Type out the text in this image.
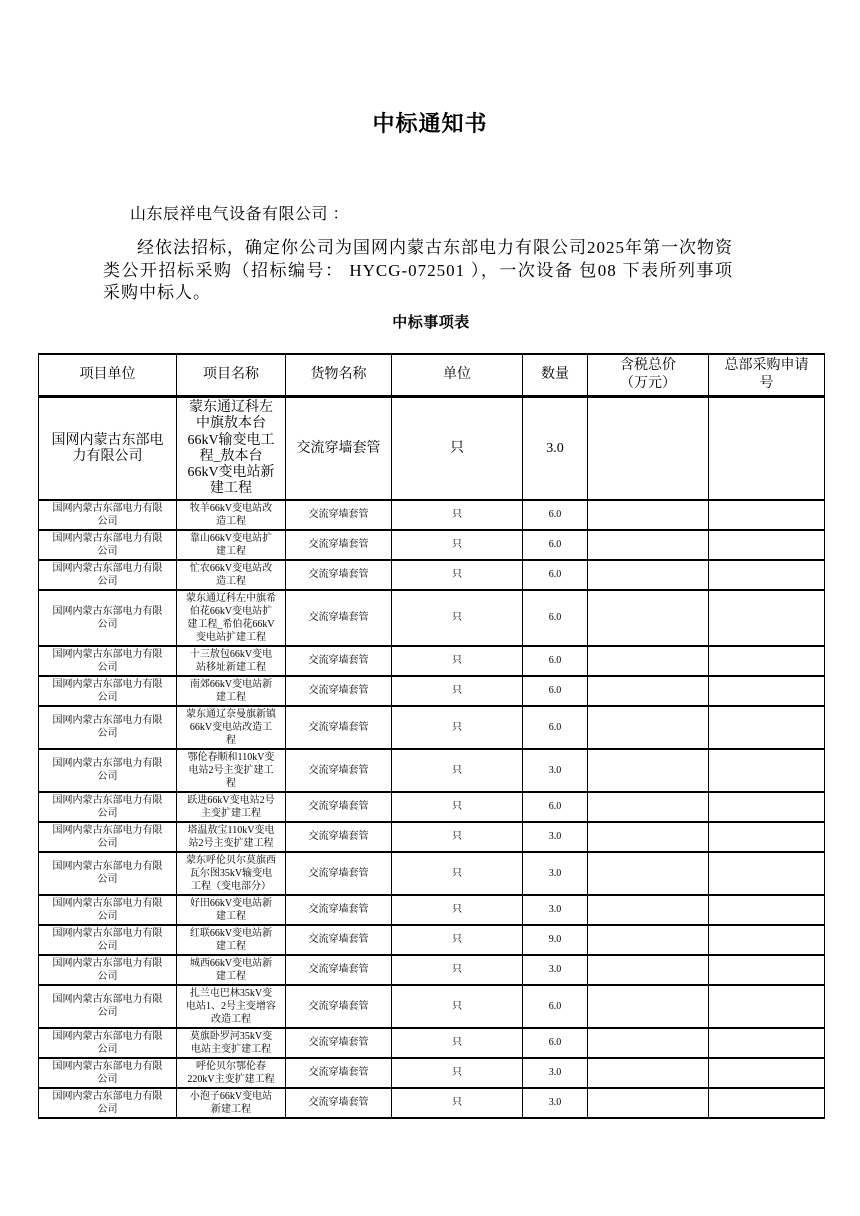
中标通知书
山东辰祥电气设备有限公司 ：

经依法招标，确定你公司为国网内蒙古东部电力有限公司2025年第一次物资类公开招标采购（招标编号： HYCG-072501 ），一次设备 包08 下表所列事项采购中标人。

中标事项表
项目单位	项目名称	货物名称	单位	数量	含税总价（万元）	总部采购申请号
国网内蒙古东部电力有限公司	蒙东通辽科左中旗敖本台66kV输变电工程_敖本台66kV变电站新建工程	交流穿墙套管	只	3.0		
国网内蒙古东部电力有限公司	牧羊66kV变电站改造工程	交流穿墙套管	只	6.0		
国网内蒙古东部电力有限公司	靠山66kV变电站扩建工程	交流穿墙套管	只	6.0		
国网内蒙古东部电力有限公司	忙农66kV变电站改造工程	交流穿墙套管	只	6.0		
国网内蒙古东部电力有限公司	蒙东通辽科左中旗希伯花66kV变电站扩建工程_希伯花66kV变电站扩建工程	交流穿墙套管	只	6.0		
国网内蒙古东部电力有限公司	十三敖包66kV变电站移址新建工程	交流穿墙套管	只	6.0		
国网内蒙古东部电力有限公司	南郊66kV变电站新建工程	交流穿墙套管	只	6.0		
国网内蒙古东部电力有限公司	蒙东通辽奈曼旗新镇66kV变电站改造工程	交流穿墙套管	只	6.0		
国网内蒙古东部电力有限公司	鄂伦春顺和110kV变电站2号主变扩建工程	交流穿墙套管	只	3.0		
国网内蒙古东部电力有限公司	跃进66kV变电站2号主变扩建工程	交流穿墙套管	只	6.0		
国网内蒙古东部电力有限公司	塔温敖宝110kV变电站2号主变扩建工程	交流穿墙套管	只	3.0		
国网内蒙古东部电力有限公司	蒙东呼伦贝尔莫旗西瓦尔图35kV输变电工程（变电部分）	交流穿墙套管	只	3.0		
国网内蒙古东部电力有限公司	好田66kV变电站新建工程	交流穿墙套管	只	3.0		
国网内蒙古东部电力有限公司	红联66kV变电站新建工程	交流穿墙套管	只	9.0		
国网内蒙古东部电力有限公司	城西66kV变电站新建工程	交流穿墙套管	只	3.0		
国网内蒙古东部电力有限公司	扎兰屯巴林35kV变电站1、2号主变增容改造工程	交流穿墙套管	只	6.0		
国网内蒙古东部电力有限公司	莫旗卧罗河35kV变电站主变扩建工程	交流穿墙套管	只	6.0		
国网内蒙古东部电力有限公司	呼伦贝尔鄂伦春220kV主变扩建工程	交流穿墙套管	只	3.0		
国网内蒙古东部电力有限公司	小泡子66kV变电站新建工程	交流穿墙套管	只	3.0		
